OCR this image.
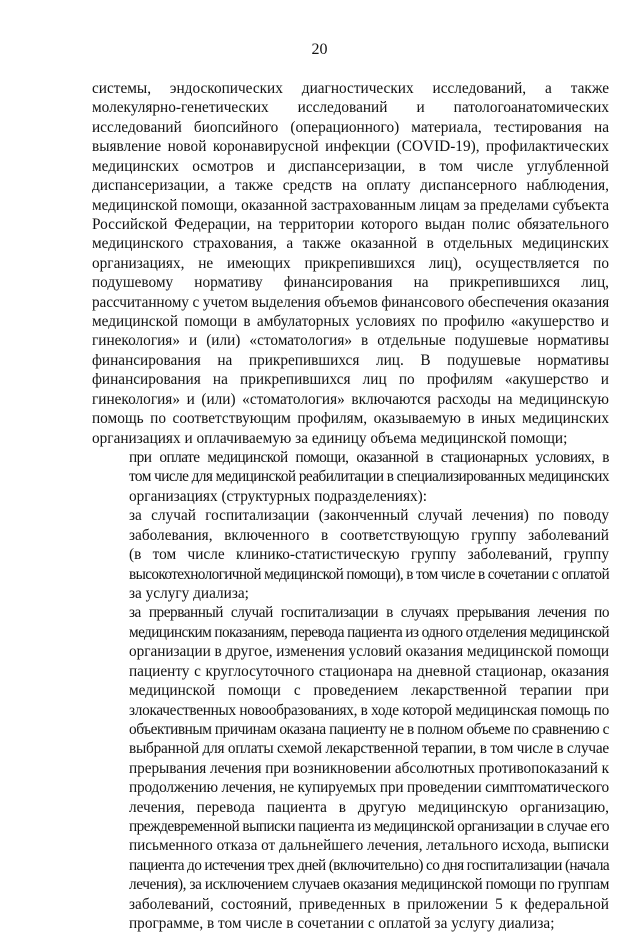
20

системы, эндоскопических диагностических исследований, а также
молекулярно-генетических исследований и патологоанатомических
исследований биопсийного (операционного) материала, тестирования на
выявление новой коронавирусной инфекции (COVID-19), профилактических
медицинских осмотров и диспансеризации, в том числе углубленной
диспансеризации, а также средств на оплату диспансерного наблюдения,
медицинской помощи, оказанной застрахованным лицам за пределами субъекта
Российской Федерации, на территории которого выдан полис обязательного
медицинского страхования, а также оказанной в отдельных медицинских
организациях, не имеющих прикрепившихся лиц), осуществляется по
подушевому нормативу финансирования на прикрепившихся лиц,
рассчитанному с учетом выделения объемов финансового обеспечения оказания
медицинской помощи в амбулаторных условиях по профилю «акушерство и
гинекология» и (или) «стоматология» в отдельные подушевые нормативы
финансирования на прикрепившихся лиц. В подушевые нормативы
финансирования на прикрепившихся лиц по профилям «акушерство и
гинекология» и (или) «стоматология» включаются расходы на медицинскую
помощь по соответствующим профилям, оказываемую в иных медицинских
организациях и оплачиваемую за единицу объема медицинской помощи;

при оплате медицинской помощи, оказанной в стационарных условиях, в
том числе для медицинской реабилитации в специализированных медицинских
организациях (структурных подразделениях):

за случай госпитализации (законченный случай лечения) по поводу
заболевания, включенного в соответствующую группу заболеваний
(в том числе клинико-статистическую группу заболеваний, группу
высокотехнологичной медицинской помощи), в том числе в сочетании с оплатой
за услугу диализа;

за прерванный случай госпитализации в случаях прерывания лечения по
медицинским показаниям, перевода пациента из одного отделения медицинской
организации в другое, изменения условий оказания медицинской помощи
пациенту с круглосуточного стационара на дневной стационар, оказания
медицинской помощи с проведением лекарственной терапии при
злокачественных новообразованиях, в ходе которой медицинская помощь по
объективным причинам оказана пациенту не в полном объеме по сравнению с
выбранной для оплаты схемой лекарственной терапии, в том числе в случае
прерывания лечения при возникновении абсолютных противопоказаний к
продолжению лечения, не купируемых при проведении симптоматического
лечения, перевода пациента в другую медицинскую организацию,
преждевременной выписки пациента из медицинской организации в случае его
письменного отказа от дальнейшего лечения, летального исхода, выписки
пациента до истечения трех дней (включительно) со дня госпитализации (начала
лечения), за исключением случаев оказания медицинской помощи по группам
заболеваний, состояний, приведенных в приложении 5 к федеральной
программе, в том числе в сочетании с оплатой за услугу диализа;
